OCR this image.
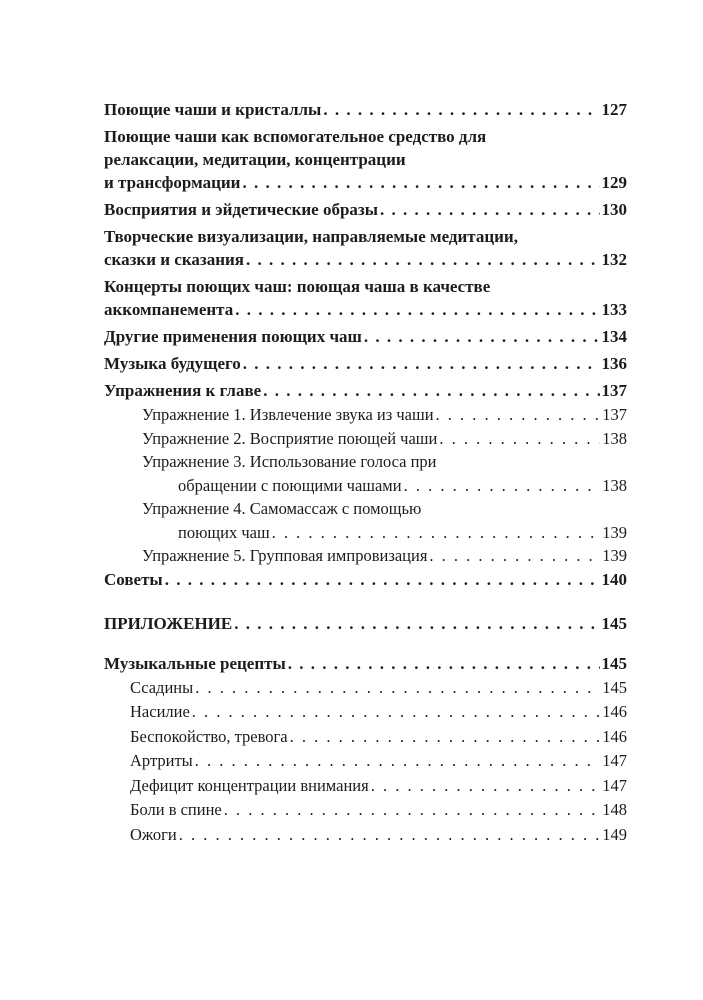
Поющие чаши и кристаллы . . .	127
Поющие чаши как вспомогательное средство для
релаксации, медитации, концентрации
и трансформации . . .	129
Восприятия и эйдетические образы . . .	130
Творческие визуализации, направляемые медитации,
сказки и сказания . . .	132
Концерты поющих чаш: поющая чаша в качестве
аккомпанемента . . .	133
Другие применения поющих чаш . . .	134
Музыка будущего . . .	136
Упражнения к главе . . .	137
Упражнение 1. Извлечение звука из чаши . . .	137
Упражнение 2. Восприятие поющей чаши . . .	138
Упражнение 3. Использование голоса при
обращении с поющими чашами . . .	138
Упражнение 4. Самомассаж с помощью
поющих чаш . . .	139
Упражнение 5. Групповая импровизация . . .	139
Советы . . .	140
ПРИЛОЖЕНИЕ . . .	145
Музыкальные рецепты . . .	145
Ссадины . . .	145
Насилие . . .	146
Беспокойство, тревога . . .	146
Артриты . . .	147
Дефицит концентрации внимания . . .	147
Боли в спине . . .	148
Ожоги . . .	149
